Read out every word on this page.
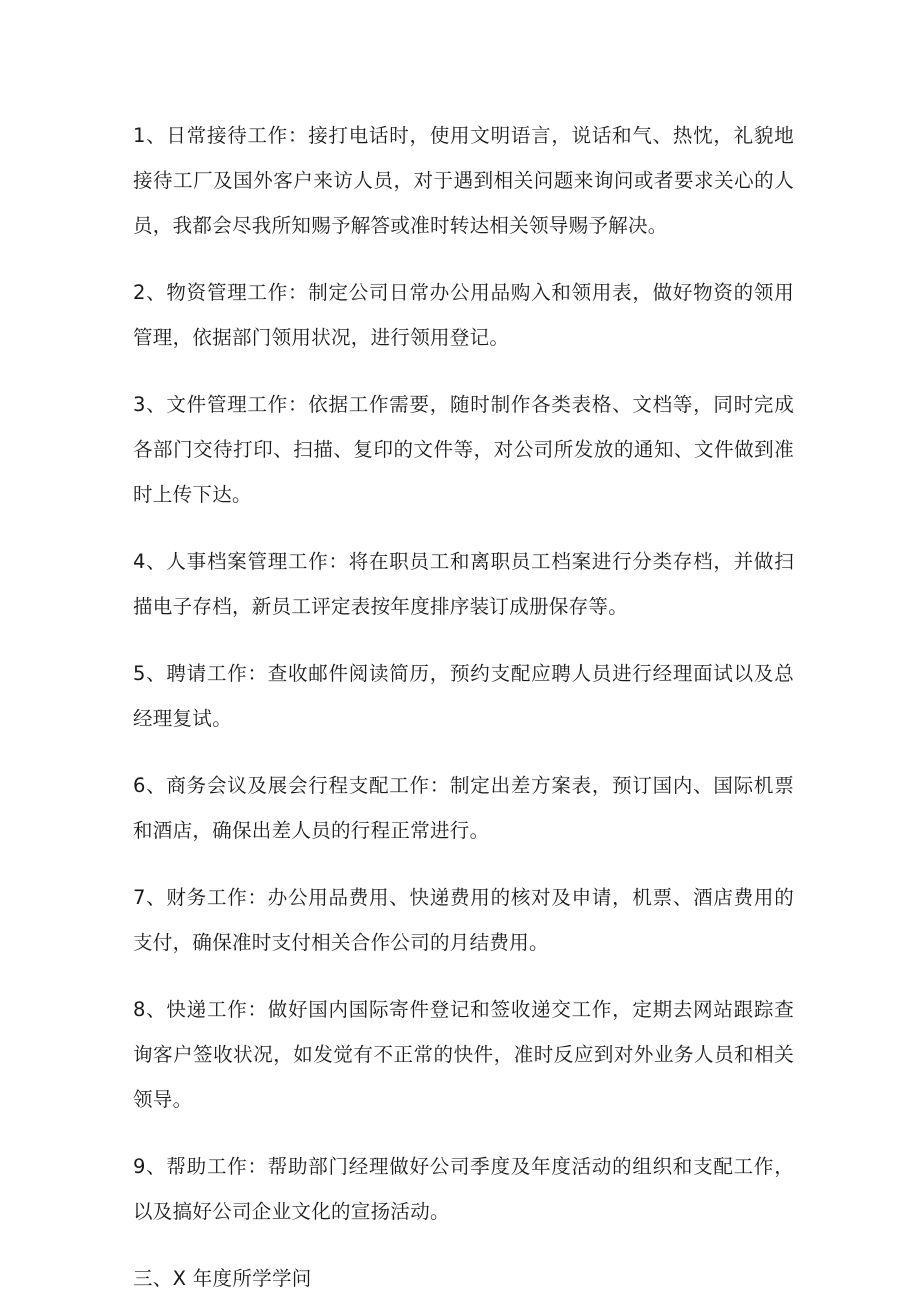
1、日常接待工作：接打电话时，使用文明语言，说话和气、热忱，礼貌地接待工厂及国外客户来访人员，对于遇到相关问题来询问或者要求关心的人员，我都会尽我所知赐予解答或准时转达相关领导赐予解决。

2、物资管理工作：制定公司日常办公用品购入和领用表，做好物资的领用管理，依据部门领用状况，进行领用登记。

3、文件管理工作：依据工作需要，随时制作各类表格、文档等，同时完成各部门交待打印、扫描、复印的文件等，对公司所发放的通知、文件做到准时上传下达。

4、人事档案管理工作：将在职员工和离职员工档案进行分类存档，并做扫描电子存档，新员工评定表按年度排序装订成册保存等。

5、聘请工作：查收邮件阅读简历，预约支配应聘人员进行经理面试以及总经理复试。

6、商务会议及展会行程支配工作：制定出差方案表，预订国内、国际机票和酒店，确保出差人员的行程正常进行。

7、财务工作：办公用品费用、快递费用的核对及申请，机票、酒店费用的支付，确保准时支付相关合作公司的月结费用。

8、快递工作：做好国内国际寄件登记和签收递交工作，定期去网站跟踪查询客户签收状况，如发觉有不正常的快件，准时反应到对外业务人员和相关领导。

9、帮助工作：帮助部门经理做好公司季度及年度活动的组织和支配工作，以及搞好公司企业文化的宣扬活动。

三、X 年度所学学问
